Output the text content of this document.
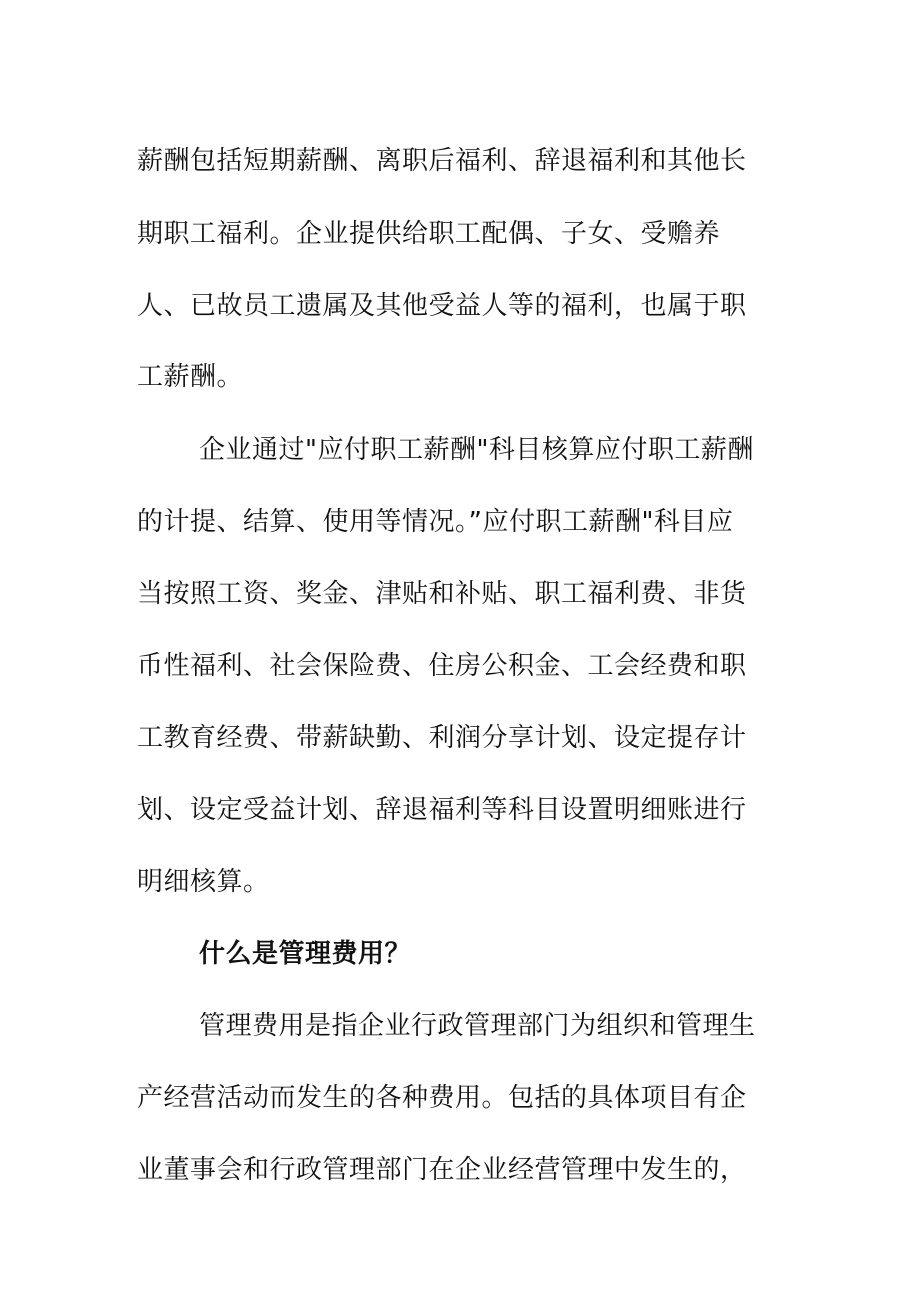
薪酬包括短期薪酬、离职后福利、辞退福利和其他长
期职工福利。企业提供给职工配偶、子女、受赡养
人、已故员工遗属及其他受益人等的福利，也属于职
工薪酬。
企业通过"应付职工薪酬"科目核算应付职工薪酬
的计提、结算、使用等情况。”应付职工薪酬"科目应
当按照工资、奖金、津贴和补贴、职工福利费、非货
币性福利、社会保险费、住房公积金、工会经费和职
工教育经费、带薪缺勤、利润分享计划、设定提存计
划、设定受益计划、辞退福利等科目设置明细账进行
明细核算。
什么是管理费用？
管理费用是指企业行政管理部门为组织和管理生
产经营活动而发生的各种费用。包括的具体项目有企
业董事会和行政管理部门在企业经营管理中发生的，
